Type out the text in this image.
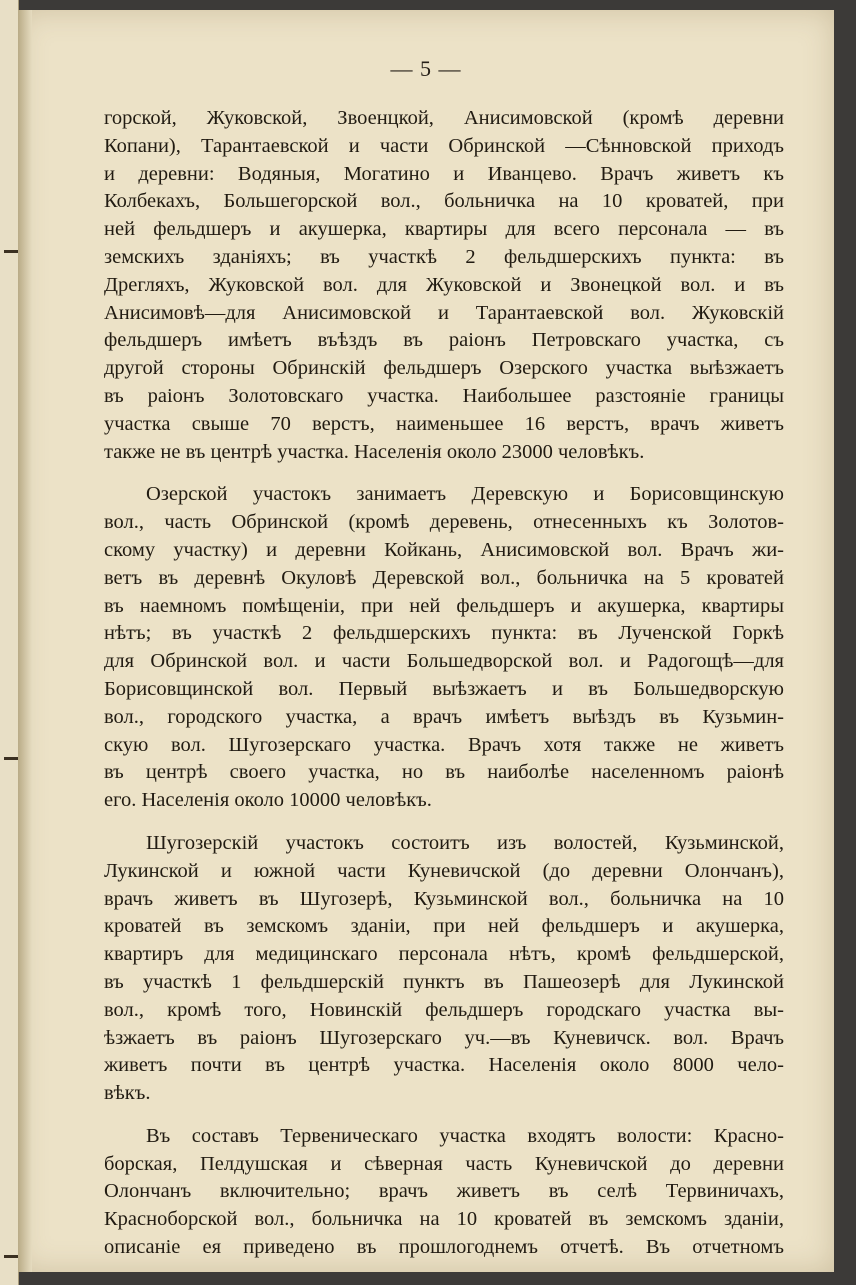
— 5 —
горской, Жуковской, Звоенцкой, Анисимовской (кромѣ деревни
Копани), Тарантаевской и части Обринской —Сѣнновской приходъ
и деревни: Водяныя, Могатино и Иванцево. Врачъ живетъ къ
Колбекахъ, Большегорской вол., больничка на 10 кроватей, при
ней фельдшеръ и акушерка, квартиры для всего персонала — въ
земскихъ зданіяхъ; въ участкѣ 2 фельдшерскихъ пункта: въ
Дрегляхъ, Жуковской вол. для Жуковской и Звонецкой вол. и въ
Анисимовѣ—для Анисимовской и Тарантаевской вол. Жуковскій
фельдшеръ имѣетъ въѣздъ въ раіонъ Петровскаго участка, съ
другой стороны Обринскій фельдшеръ Озерского участка выѣзжаетъ
въ раіонъ Золотовскаго участка. Наибольшее разстояніе границы
участка свыше 70 верстъ, наименьшее 16 верстъ, врачъ живетъ
также не въ центрѣ участка. Населенія около 23000 человѣкъ.
Озерской участокъ занимаетъ Деревскую и Борисовщинскую
вол., часть Обринской (кромѣ деревень, отнесенныхъ къ Золотов-
скому участку) и деревни Койкань, Анисимовской вол. Врачъ жи-
ветъ въ деревнѣ Окуловѣ Деревской вол., больничка на 5 кроватей
въ наемномъ помѣщеніи, при ней фельдшеръ и акушерка, квартиры
нѣтъ; въ участкѣ 2 фельдшерскихъ пункта: въ Лученской Горкѣ
для Обринской вол. и части Большедворской вол. и Радогощѣ—для
Борисовщинской вол. Первый выѣзжаетъ и въ Большедворскую
вол., городского участка, а врачъ имѣетъ выѣздъ въ Кузьмин-
скую вол. Шугозерскаго участка. Врачъ хотя также не живетъ
въ центрѣ своего участка, но въ наиболѣе населенномъ раіонѣ
его. Населенія около 10000 человѣкъ.
Шугозерскій участокъ состоитъ изъ волостей, Кузьминской,
Лукинской и южной части Куневичской (до деревни Олончанъ),
врачъ живетъ въ Шугозерѣ, Кузьминской вол., больничка на 10
кроватей въ земскомъ зданіи, при ней фельдшеръ и акушерка,
квартиръ для медицинскаго персонала нѣтъ, кромѣ фельдшерской,
въ участкѣ 1 фельдшерскій пунктъ въ Пашеозерѣ для Лукинской
вол., кромѣ того, Новинскій фельдшеръ городскаго участка вы-
ѣзжаетъ въ раіонъ Шугозерскаго уч.—въ Куневичск. вол. Врачъ
живетъ почти въ центрѣ участка. Населенія около 8000 чело-
вѣкъ.
Въ составъ Тервеническаго участка входятъ волости: Красно-
борская, Пелдушская и сѣверная часть Куневичской до деревни
Олончанъ включительно; врачъ живетъ въ селѣ Тервиничахъ,
Красноборской вол., больничка на 10 кроватей въ земскомъ зданіи,
описаніе ея приведено въ прошлогоднемъ отчетѣ. Въ отчетномъ
